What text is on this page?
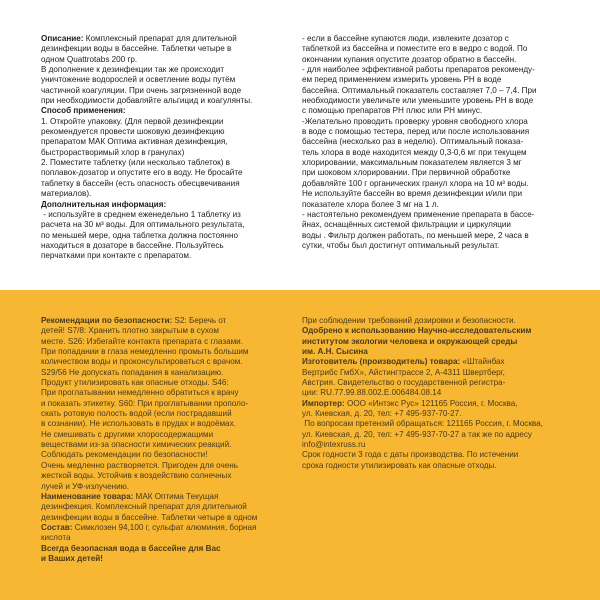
Описание: Комплексный препарат для длительной
дезинфекции воды в бассейне. Таблетки четыре в
одном Quattrotabs 200 гр.
В дополнение к дезинфекции так же происходит
уничтожение водорослей и осветление воды путём
частичной коагуляции. При очень загрязненной воде
при необходимости добавляйте альгицид и коагулянты.
Способ применения:
1. Откройте упаковку. (Для первой дезинфекции
рекомендуется провести шоковую дезинфекцию
препаратом МАК Оптима активная дезинфекция,
быстрорастворимый хлор в гранулах)
2. Поместите таблетку (или несколько таблеток) в
поплавок-дозатор и опустите его в воду. Не бросайте
таблетку в бассейн (есть опасность обесцвечивания
материалов).
Дополнительная информация:
- используйте в среднем еженедельно 1 таблетку из
расчета на 30 м³ воды. Для оптимального результата,
по меньшей мере, одна таблетка должна постоянно
находиться в дозаторе в бассейне. Пользуйтесь
перчатками при контакте с препаратом.
- если в бассейне купаются люди, извлеките дозатор с
таблеткой из бассейна и поместите его в ведро с водой. По
окончании купания опустите дозатор обратно в бассейн.
- для наиболее эффективной работы препаратов рекоменду-
ем перед применением измерить уровень PH в воде
бассейна. Оптимальный показатель составляет 7,0 – 7,4. При
необходимости увеличьте или уменьшите уровень PH в воде
с помощью препаратов PH плюс или PH минус.
-Желательно проводить проверку уровня свободного хлора
в воде с помощью тестера, перед или после использования
бассейна (несколько раз в неделю). Оптимальный показа-
тель хлора в воде находится между 0,3-0,6 мг при текущем
хлорировании, максимальным показателем является 3 мг
при шоковом хлорировании. При первичной обработке
добавляйте 100 г органических гранул хлора на 10 м³ воды.
Не используйте бассейн во время дезинфекции и/или при
показателе хлора более 3 мг на 1 л.
- настоятельно рекомендуем применение препарата в бассе-
йнах, оснащённых системой фильтрации и циркуляции
воды . Фильтр должен работать, по меньшей мере, 2 часа в
сутки, чтобы был достигнут оптимальный результат.
Рекомендации по безопасности: S2: Беречь от
детей! S7/8: Хранить плотно закрытым в сухом
месте. S26: Избегайте контакта препарата с глазами.
При попадании в глаза немедленно промыть большим
количеством воды и проконсультироваться с врачом.
S29/56 Не допускать попадания в канализацию.
Продукт утилизировать как опасные отходы. S46:
При проглатывании немедленно обратиться к врачу
и показать этикетку. S60: При проглатывании прополо-
скать ротовую полость водой (если пострадавший
в сознании). Не использовать в прудах и водоёмах.
Не смешивать с другими хлоросодержащими
веществами из-за опасности химических реакций.
Соблюдать рекомендации по безопасности!
Очень медленно растворяется. Пригоден для очень
жесткой воды. Устойчив к воздействию солнечных
лучей и УФ-излучению.
Наименование товара: МАК Оптима Текущая
дезинфекция. Комплексный препарат для длительной
дезинфекции воды в бассейне. Таблетки четыре в одном
Состав: Симклозен 94,100 г, сульфат алюминия, борная
кислота
Всегда безопасная вода в бассейне для Вас
и Ваших детей!
При соблюдении требований дозировки и безопасности.
Одобрено к использованию Научно-исследовательским
институтом экологии человека и окружающей среды
им. А.Н. Сысина
Изготовитель (производитель) товара: «Штайнбах
Вертрибс ГмбХ», Айстингтрассе 2, А-4311 Швертберг,
Австрия. Свидетельство о государственной регистра-
ции: RU.77.99.88.002.Е.006484.08.14
Импортер: ООО «Интэкс Рус» 121165 Россия, г. Москва,
ул. Киевская, д. 20, тел: +7 495-937-70-27.
По вопросам претензий обращаться: 121165 Россия, г. Москва,
ул. Киевская, д. 20, тел: +7 495-937-70-27 а так же по адресу
info@intexruss.ru
Срок годности 3 года с даты производства. По истечении
срока годности утилизировать как опасные отходы.
